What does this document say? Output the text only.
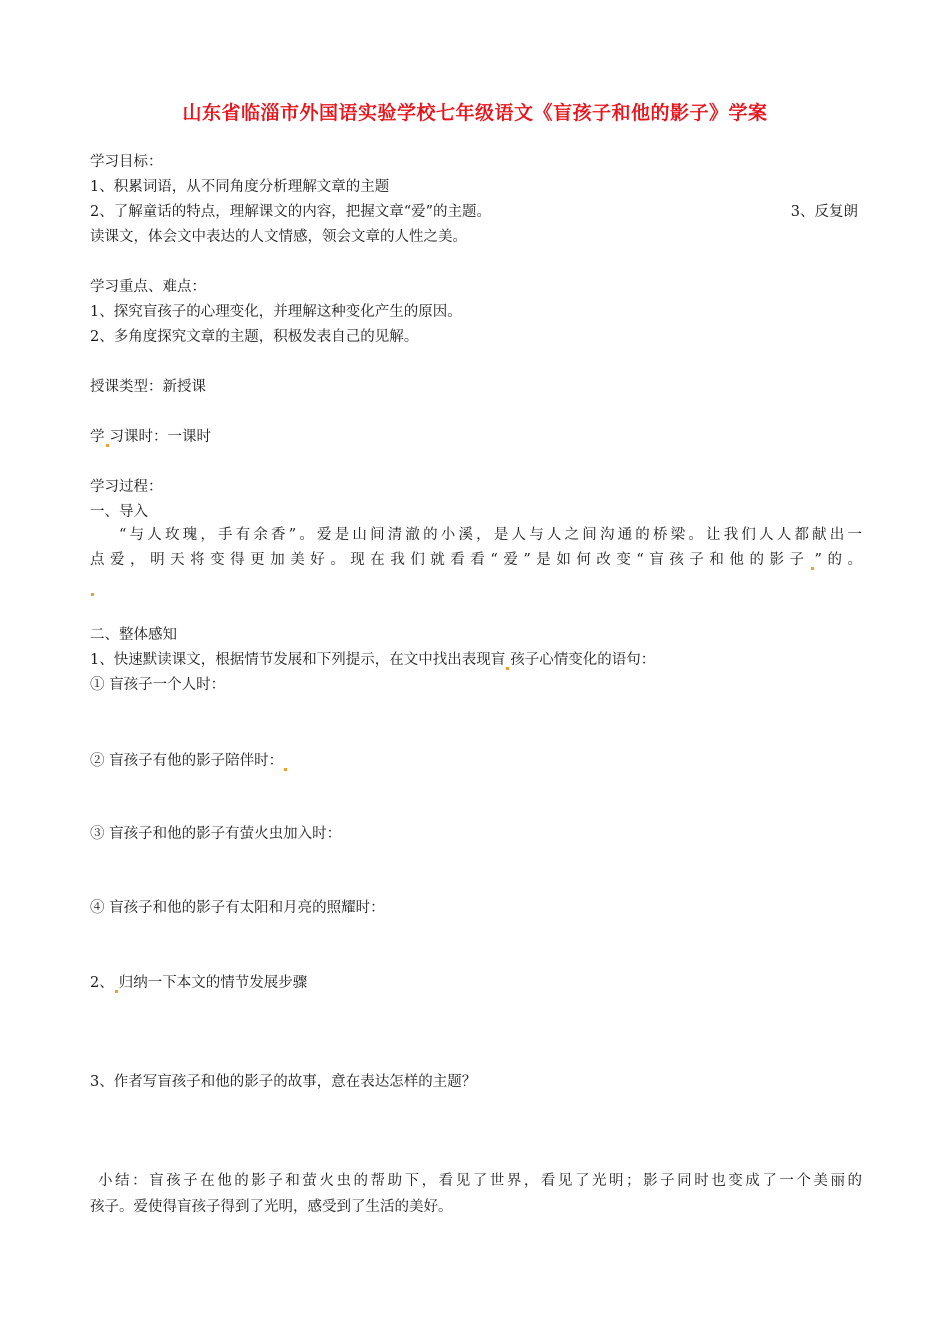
山东省临淄市外国语实验学校七年级语文《盲孩子和他的影子》学案
学习目标：
1、积累词语，从不同角度分析理解文章的主题
2、了解童话的特点，理解课文的内容，把握文章“爱”的主题。	3、反复朗
读课文，体会文中表达的人文情感，领会文章的人性之美。
学习重点、难点：
1、探究盲孩子的心理变化，并理解这种变化产生的原因。
2、多角度探究文章的主题，积极发表自己的见解。
授课类型：新授课
学 习课时：一课时
学习过程：
一、导入
“与人玫瑰，手有余香”。爱是山间清澈的小溪，是人与人之间沟通的桥梁。让我们人人都献出一
点爱，明天将变得更加美好。现在我们就看看“爱”是如何改变“盲孩子和他的影子 ”的。
二、整体感知
1、快速默读课文，根据情节发展和下列提示，在文中找出表现盲 孩子心情变化的语句：
① 盲孩子一个人时：
② 盲孩子有他的影子陪伴时：
③ 盲孩子和他的影子有萤火虫加入时：
④ 盲孩子和他的影子有太阳和月亮的照耀时：
2、 归纳一下本文的情节发展步骤
3、作者写盲孩子和他的影子的故事，意在表达怎样的主题？
小结：盲孩子在他的影子和萤火虫的帮助下，看见了世界，看见了光明；影子同时也变成了一个美丽的
孩子。爱使得盲孩子得到了光明，感受到了生活的美好。
